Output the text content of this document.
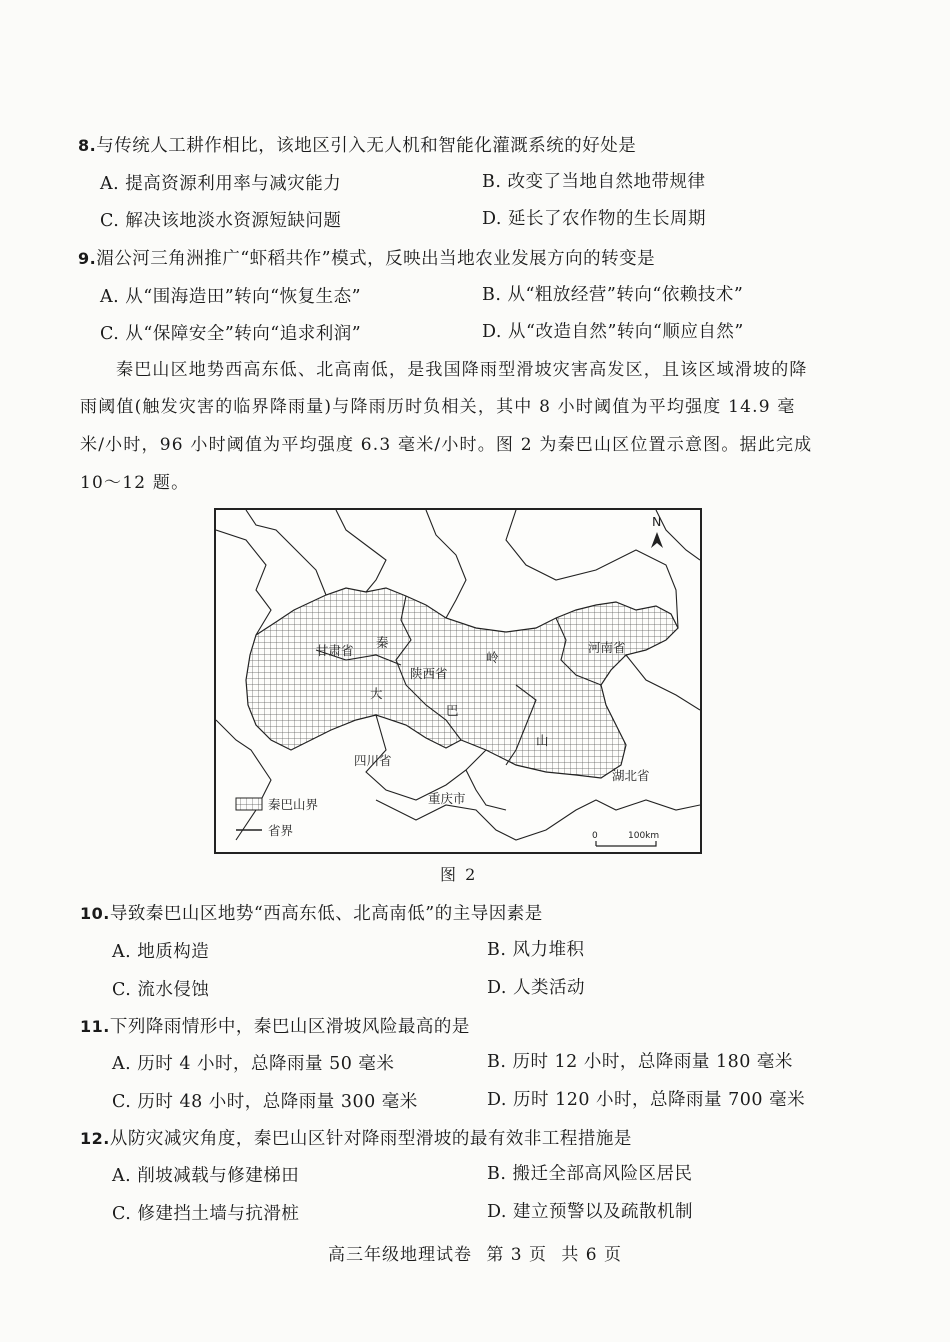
8.与传统人工耕作相比，该地区引入无人机和智能化灌溉系统的好处是
A. 提高资源利用率与减灾能力	B. 改变了当地自然地带规律
C. 解决该地淡水资源短缺问题	D. 延长了农作物的生长周期
9.湄公河三角洲推广“虾稻共作”模式，反映出当地农业发展方向的转变是
A. 从“围海造田”转向“恢复生态”	B. 从“粗放经营”转向“依赖技术”
C. 从“保障安全”转向“追求利润”	D. 从“改造自然”转向“顺应自然”
秦巴山区地势西高东低、北高南低，是我国降雨型滑坡灾害高发区，且该区域滑坡的降
雨阈值(触发灾害的临界降雨量)与降雨历时负相关，其中 8 小时阈值为平均强度 14.9 毫
米/小时，96 小时阈值为平均强度 6.3 毫米/小时。图 2 为秦巴山区位置示意图。据此完成
10～12 题。
N
甘肃省
秦
陕西省
岭
河南省
大
巴
山
四川省
湖北省
重庆市
秦巴山界
省界	0	100km
图 2
10.导致秦巴山区地势“西高东低、北高南低”的主导因素是
A. 地质构造	B. 风力堆积
C. 流水侵蚀	D. 人类活动
11.下列降雨情形中，秦巴山区滑坡风险最高的是
A. 历时 4 小时，总降雨量 50 毫米	B. 历时 12 小时，总降雨量 180 毫米
C. 历时 48 小时，总降雨量 300 毫米	D. 历时 120 小时，总降雨量 700 毫米
12.从防灾减灾角度，秦巴山区针对降雨型滑坡的最有效非工程措施是
A. 削坡减载与修建梯田	B. 搬迁全部高风险区居民
C. 修建挡土墙与抗滑桩	D. 建立预警以及疏散机制
高三年级地理试卷 第 3 页 共 6 页
